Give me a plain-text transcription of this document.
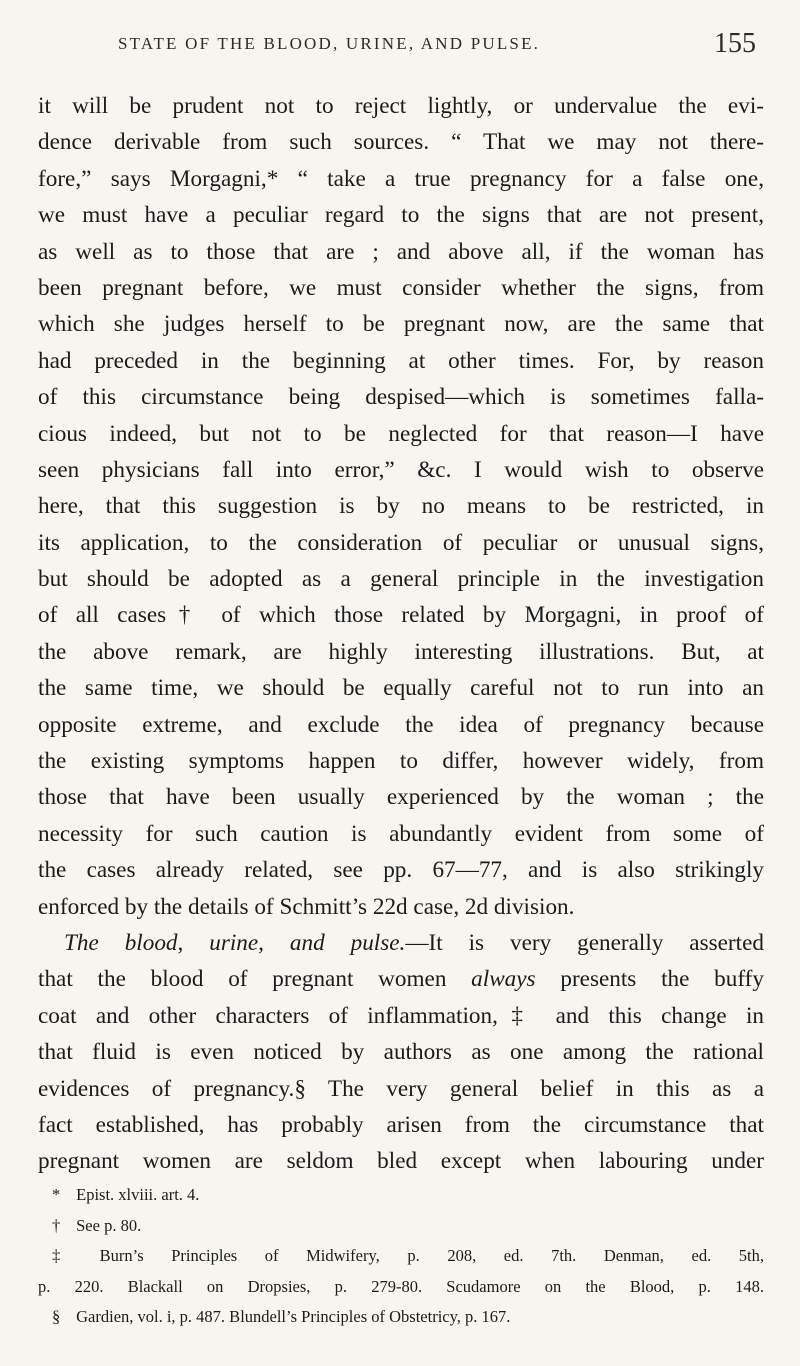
STATE OF THE BLOOD, URINE, AND PULSE.	155
it will be prudent not to reject lightly, or undervalue the evi-
dence derivable from such sources. “ That we may not there-
fore,” says Morgagni,* “ take a true pregnancy for a false one,
we must have a peculiar regard to the signs that are not present,
as well as to those that are ; and above all, if the woman has
been pregnant before, we must consider whether the signs, from
which she judges herself to be pregnant now, are the same that
had preceded in the beginning at other times. For, by reason
of this circumstance being despised—which is sometimes falla-
cious indeed, but not to be neglected for that reason—I have
seen physicians fall into error,” &c. I would wish to observe
here, that this suggestion is by no means to be restricted, in
its application, to the consideration of peculiar or unusual signs,
but should be adopted as a general principle in the investigation
of all cases† of which those related by Morgagni, in proof of
the above remark, are highly interesting illustrations. But, at
the same time, we should be equally careful not to run into an
opposite extreme, and exclude the idea of pregnancy because
the existing symptoms happen to differ, however widely, from
those that have been usually experienced by the woman ; the
necessity for such caution is abundantly evident from some of
the cases already related, see pp. 67—77, and is also strikingly
enforced by the details of Schmitt’s 22d case, 2d division.
The blood, urine, and pulse.—It is very generally asserted
that the blood of pregnant women always presents the buffy
coat and other characters of inflammation,‡ and this change in
that fluid is even noticed by authors as one among the rational
evidences of pregnancy.§ The very general belief in this as a
fact established, has probably arisen from the circumstance that
pregnant women are seldom bled except when labouring under
* Epist. xlviii. art. 4.
† See p. 80.
‡ Burn’s Principles of Midwifery, p. 208, ed. 7th. Denman, ed. 5th,
p. 220. Blackall on Dropsies, p. 279-80. Scudamore on the Blood, p. 148.
§ Gardien, vol. i, p. 487. Blundell’s Principles of Obstetricy, p. 167.
